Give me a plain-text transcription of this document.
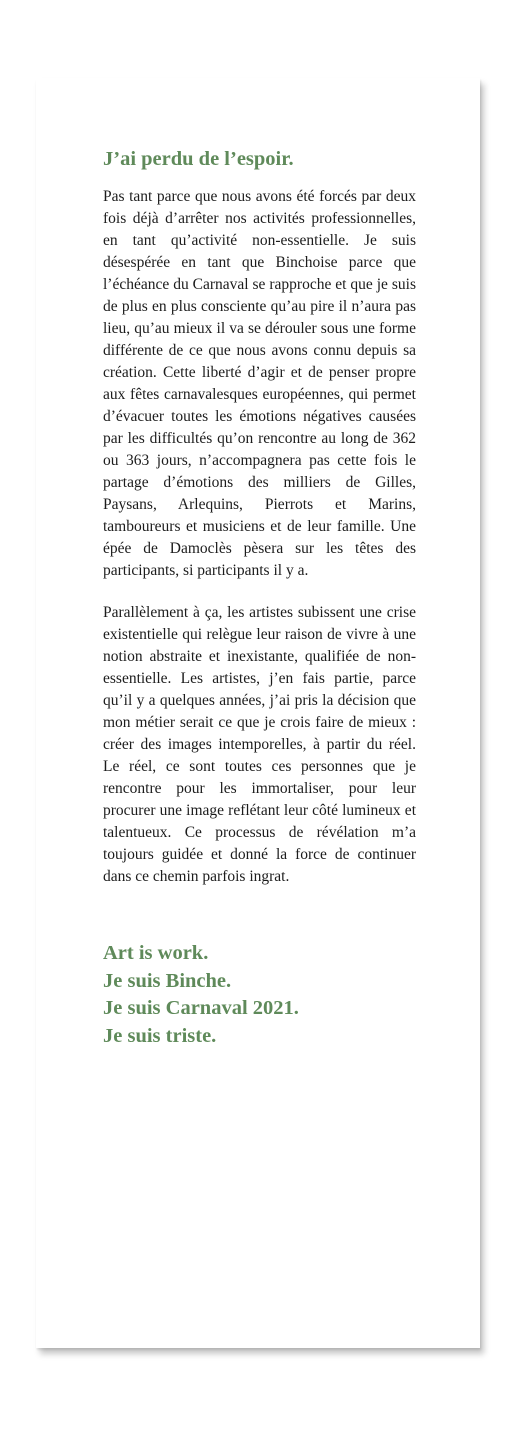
J’ai perdu de l’espoir.

Pas tant parce que nous avons été forcés par deux fois déjà d’arrêter nos activités professionnelles, en tant qu’activité non-essentielle. Je suis désespérée en tant que Binchoise parce que l’échéance du Carnaval se rapproche et que je suis de plus en plus consciente qu’au pire il n’aura pas lieu, qu’au mieux il va se dérouler sous une forme différente de ce que nous avons connu depuis sa création. Cette liberté d’agir et de penser propre aux fêtes carnavalesques européennes, qui permet d’évacuer toutes les émotions négatives causées par les difficultés qu’on rencontre au long de 362 ou 363 jours, n’accompagnera pas cette fois le partage d’émotions des milliers de Gilles, Paysans, Arlequins, Pierrots et Marins, tamboureurs et musiciens et de leur famille. Une épée de Damoclès pèsera sur les têtes des participants, si participants il y a.

Parallèlement à ça, les artistes subissent une crise existentielle qui relègue leur raison de vivre à une notion abstraite et inexistante, qualifiée de non-essentielle. Les artistes, j’en fais partie, parce qu’il y a quelques années, j’ai pris la décision que mon métier serait ce que je crois faire de mieux : créer des images intemporelles, à partir du réel. Le réel, ce sont toutes ces personnes que je rencontre pour les immortaliser, pour leur procurer une image reflétant leur côté lumineux et talentueux. Ce processus de révélation m’a toujours guidée et donné la force de continuer dans ce chemin parfois ingrat.

Art is work.
Je suis Binche.
Je suis Carnaval 2021.
Je suis triste.
